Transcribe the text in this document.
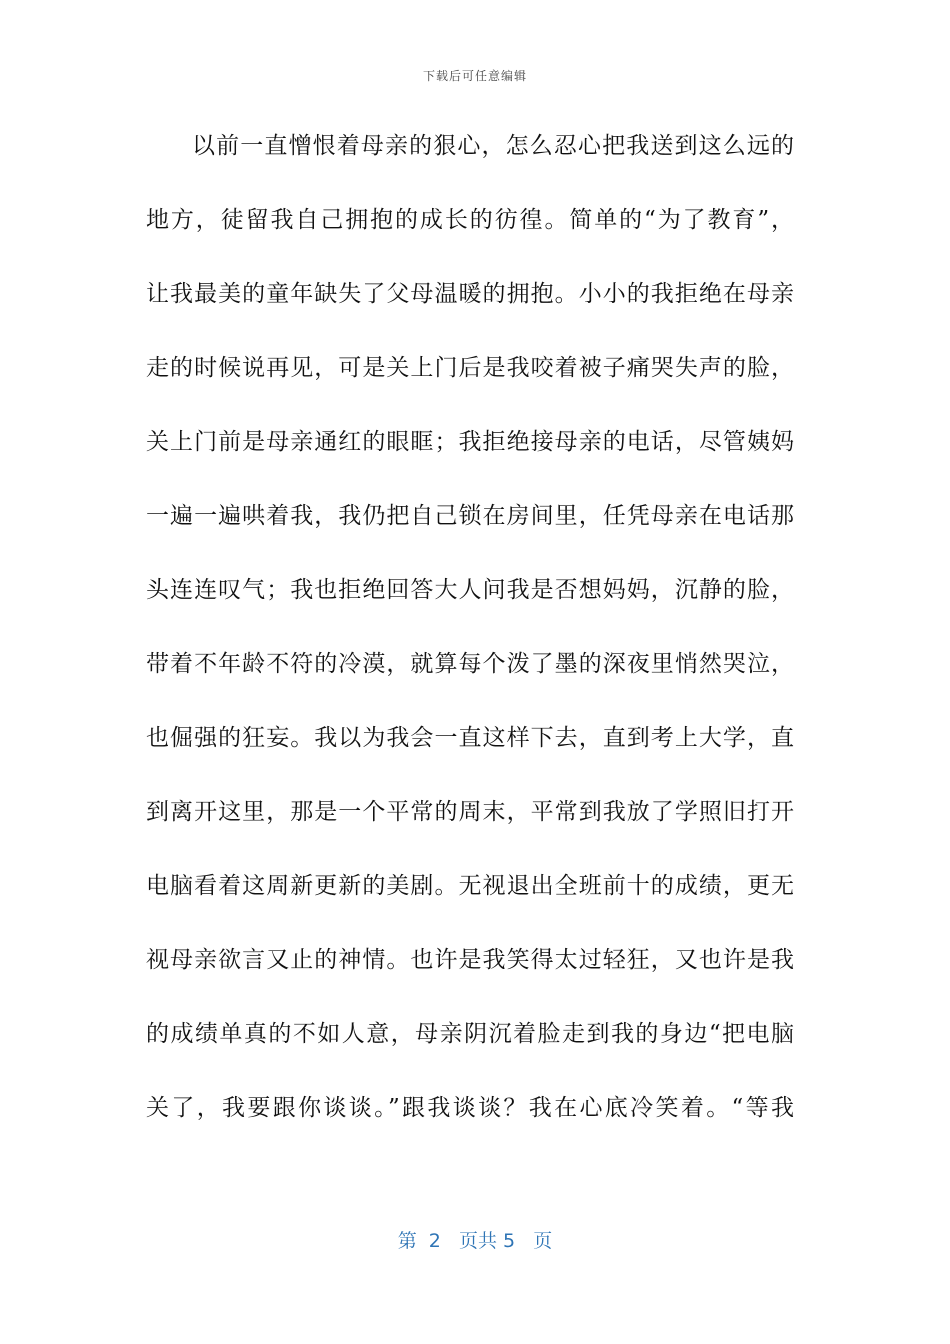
下载后可任意编辑
以前一直憎恨着母亲的狠心，怎么忍心把我送到这么远的
地方，徒留我自己拥抱的成长的彷徨。简单的“为了教育”，
让我最美的童年缺失了父母温暖的拥抱。小小的我拒绝在母亲
走的时候说再见，可是关上门后是我咬着被子痛哭失声的脸，
关上门前是母亲通红的眼眶；我拒绝接母亲的电话，尽管姨妈
一遍一遍哄着我，我仍把自己锁在房间里，任凭母亲在电话那
头连连叹气；我也拒绝回答大人问我是否想妈妈，沉静的脸，
带着不年龄不符的冷漠，就算每个泼了墨的深夜里悄然哭泣，
也倔强的狂妄。我以为我会一直这样下去，直到考上大学，直
到离开这里，那是一个平常的周末，平常到我放了学照旧打开
电脑看着这周新更新的美剧。无视退出全班前十的成绩，更无
视母亲欲言又止的神情。也许是我笑得太过轻狂，又也许是我
的成绩单真的不如人意，母亲阴沉着脸走到我的身边“把电脑
关了，我要跟你谈谈。”跟我谈谈？我在心底冷笑着。“等我
第  2   页共 5   页
